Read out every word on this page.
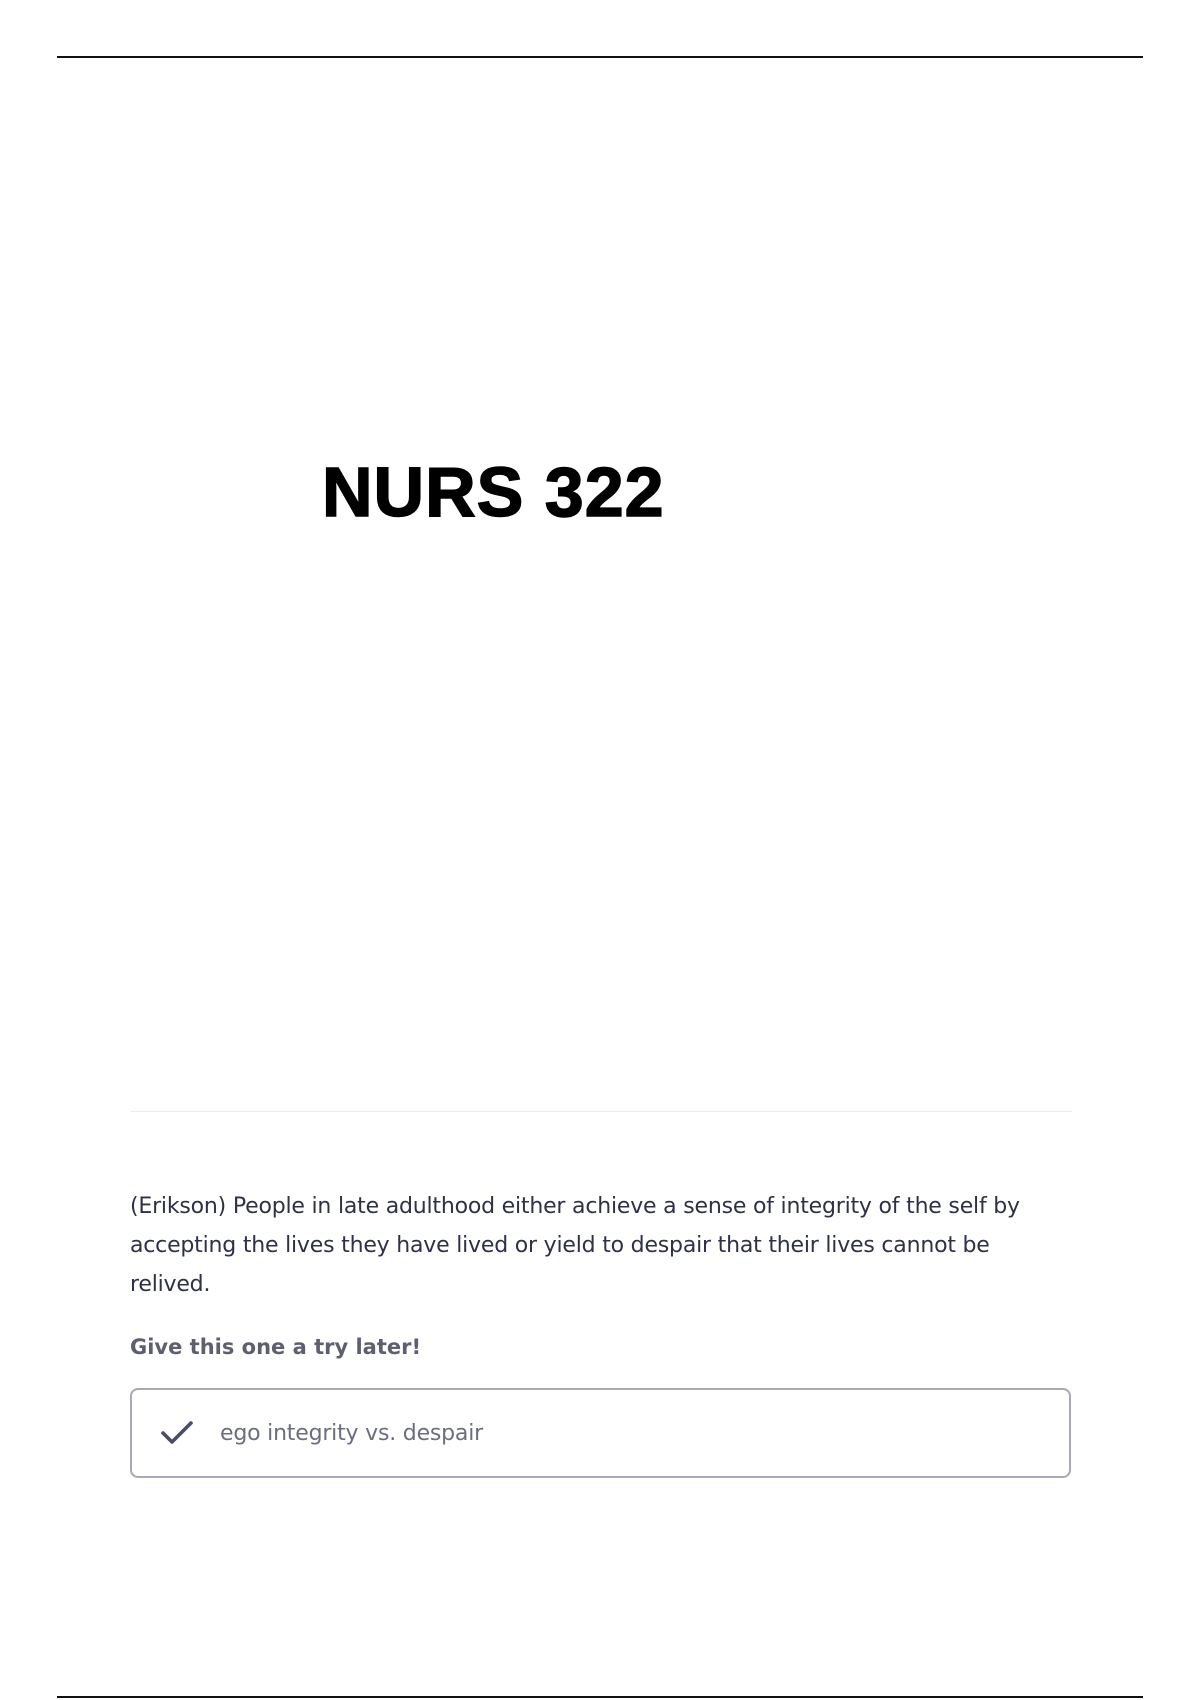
NURS 322

(Erikson) People in late adulthood either achieve a sense of integrity of the self by accepting the lives they have lived or yield to despair that their lives cannot be relived.

Give this one a try later!

ego integrity vs. despair
